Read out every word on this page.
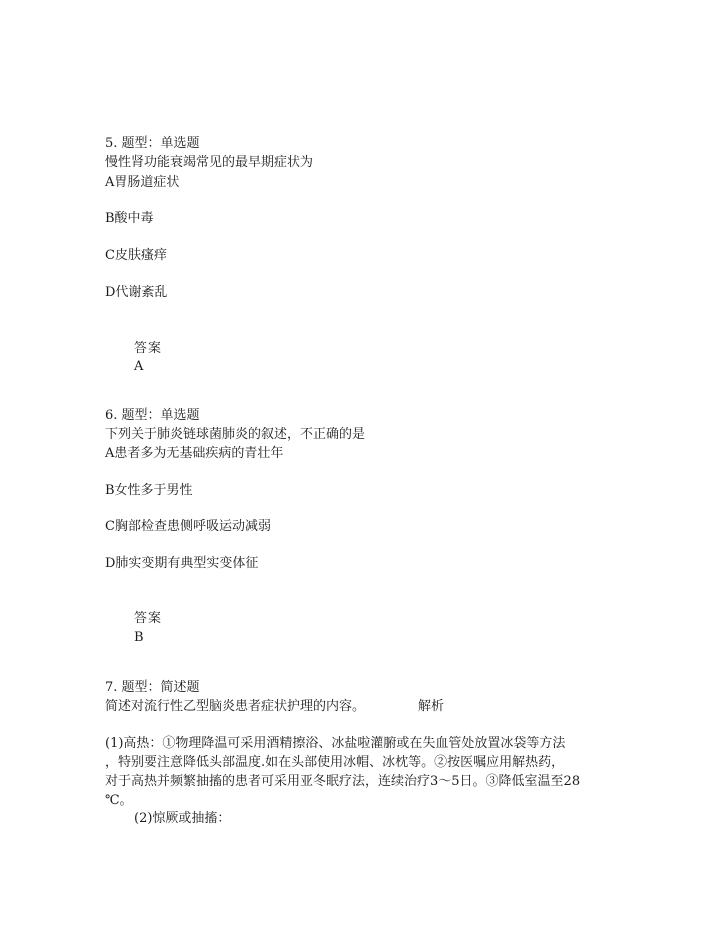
5. 题型：单选题
慢性肾功能衰竭常见的最早期症状为
A胃肠道症状
B酸中毒
C皮肤瘙痒
D代谢紊乱
答案
A
6. 题型：单选题
下列关于肺炎链球菌肺炎的叙述，不正确的是
A患者多为无基础疾病的青壮年
B女性多于男性
C胸部检查患侧呼吸运动减弱
D肺实变期有典型实变体征
答案
B
7. 题型：简述题
简述对流行性乙型脑炎患者症状护理的内容。	解析
(1)高热：①物理降温可采用酒精擦浴、冰盐啦灌腑或在失血管处放置冰袋等方法
，特别要注意降低头部温度.如在头部使用冰帽、冰枕等。②按医嘱应用解热药，
对于高热并频繁抽搐的患者可采用亚冬眠疗法，连续治疗3～5日。③降低室温至28
℃。
(2)惊厥或抽搐：
